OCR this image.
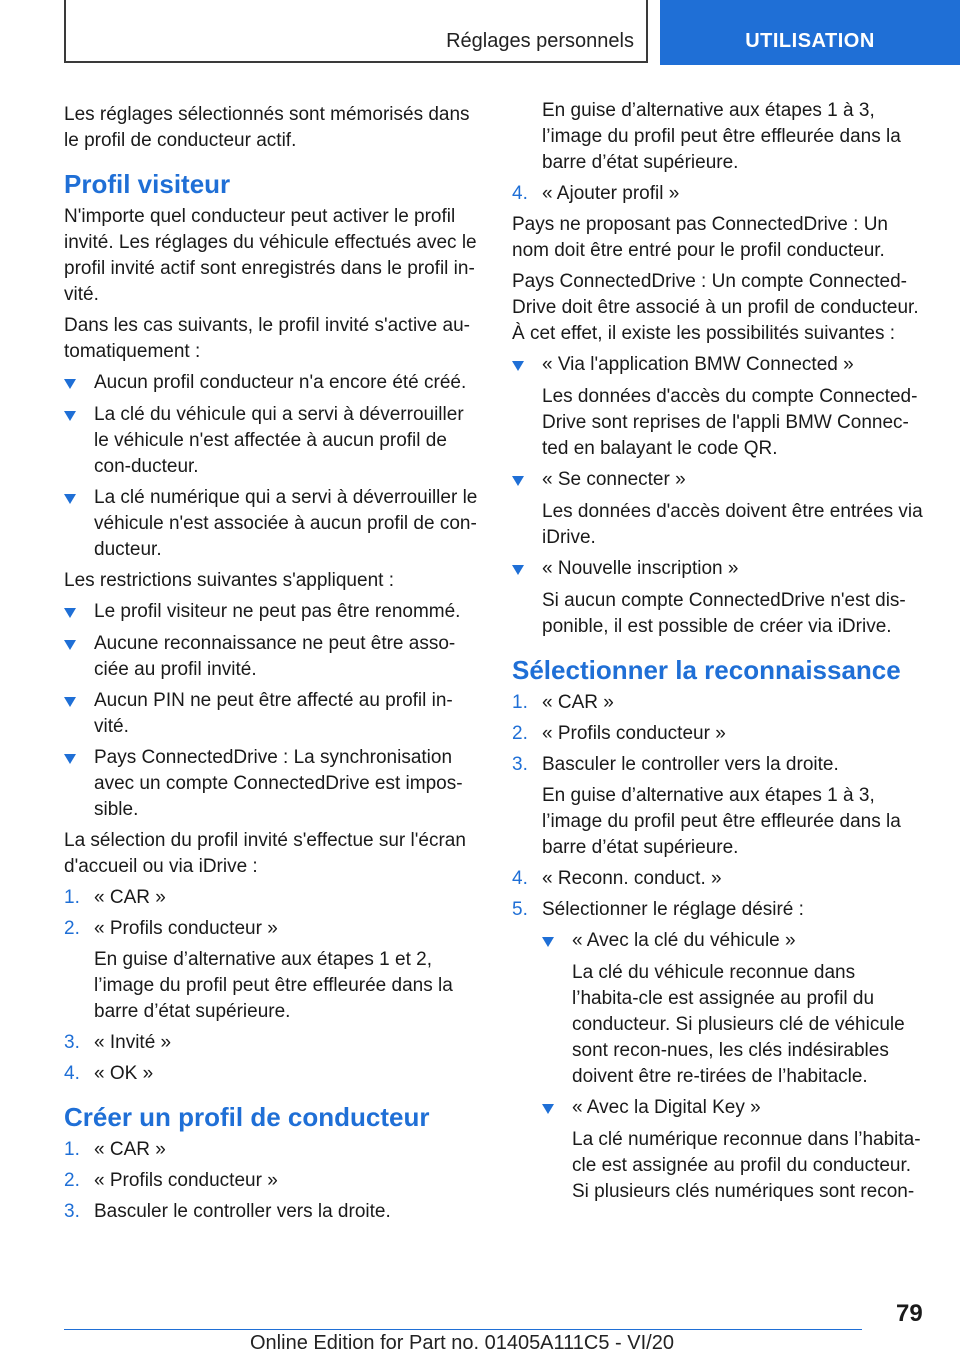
Réglages personnels	UTILISATION

Les réglages sélectionnés sont mémorisés dans le profil de conducteur actif.

Profil visiteur

N'importe quel conducteur peut activer le profil invité. Les réglages du véhicule effectués avec le profil invité actif sont enregistrés dans le profil in‐vité.

Dans les cas suivants, le profil invité s'active au‐tomatiquement :

Aucun profil conducteur n'a encore été créé.
La clé du véhicule qui a servi à déverrouiller le véhicule n'est affectée à aucun profil de con‐ducteur.
La clé numérique qui a servi à déverrouiller le véhicule n'est associée à aucun profil de con‐ducteur.

Les restrictions suivantes s'appliquent :

Le profil visiteur ne peut pas être renommé.
Aucune reconnaissance ne peut être asso‐ciée au profil invité.
Aucun PIN ne peut être affecté au profil in‐vité.
Pays ConnectedDrive : La synchronisation avec un compte ConnectedDrive est impos‐sible.

La sélection du profil invité s'effectue sur l'écran d'accueil ou via iDrive :

1. « CAR »
2. « Profils conducteur »

En guise d’alternative aux étapes 1 et 2, l’image du profil peut être effleurée dans la barre d’état supérieure.

3. « Invité »
4. « OK »
Créer un profil de conducteur
1. « CAR »
2. « Profils conducteur »
3. Basculer le controller vers la droite.

En guise d’alternative aux étapes 1 à 3, l’image du profil peut être effleurée dans la barre d’état supérieure.

4. « Ajouter profil »

Pays ne proposant pas ConnectedDrive : Un nom doit être entré pour le profil conducteur.

Pays ConnectedDrive : Un compte Connected‐Drive doit être associé à un profil de conducteur. À cet effet, il existe les possibilités suivantes :

« Via l'application BMW Connected »

Les données d'accès du compte Connected‐Drive sont reprises de l'appli BMW Connec‐ted en balayant le code QR.

« Se connecter »

Les données d'accès doivent être entrées via iDrive.

« Nouvelle inscription »

Si aucun compte ConnectedDrive n'est dis‐ponible, il est possible de créer via iDrive.

Sélectionner la reconnaissance
1. « CAR »
2. « Profils conducteur »
3. Basculer le controller vers la droite.

En guise d’alternative aux étapes 1 à 3, l’image du profil peut être effleurée dans la barre d’état supérieure.

4. « Reconn. conduct. »
5. Sélectionner le réglage désiré :
« Avec la clé du véhicule »

La clé du véhicule reconnue dans l’habita‐cle est assignée au profil du conducteur. Si plusieurs clé de véhicule sont recon‐nues, les clés indésirables doivent être re‐tirées de l’habitacle.

« Avec la Digital Key »

La clé numérique reconnue dans l’habita‐cle est assignée au profil du conducteur. Si plusieurs clés numériques sont recon‐

79
Online Edition for Part no. 01405A111C5 - VI/20
